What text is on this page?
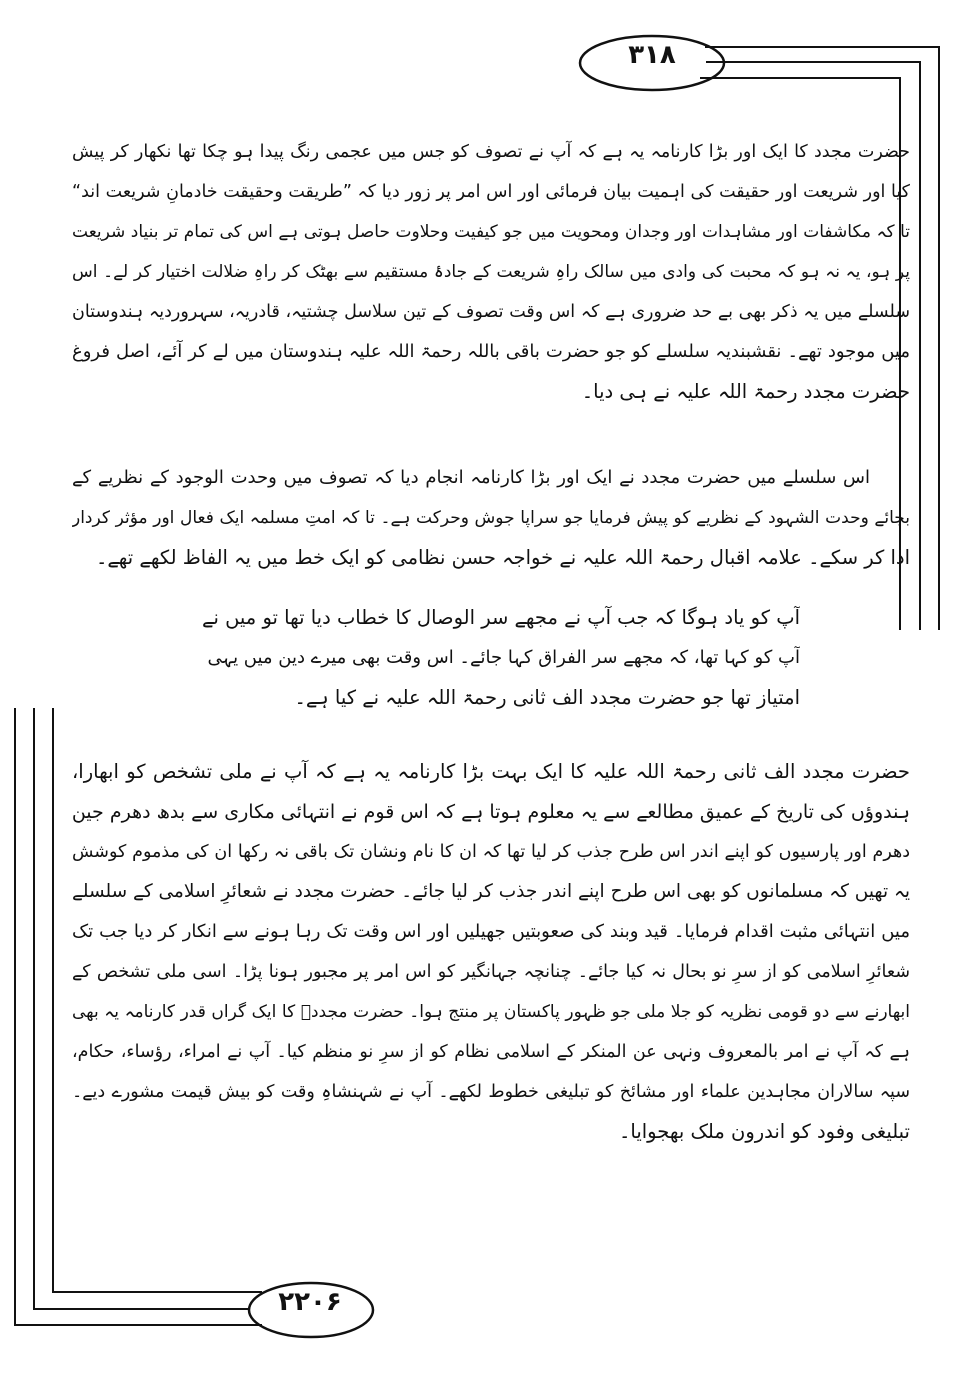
۳۱۸
۲۲۰۶
حضرت مجدد کا ایک اور بڑا کارنامہ یہ ہے کہ آپ نے تصوف کو جس میں عجمی رنگ پیدا ہو چکا تھا نکھار کر پیش
کیا اور شریعت اور حقیقت کی اہمیت بیان فرمائی اور اس امر پر زور دیا کہ ”طریقت وحقیقت خادمانِ شریعت اند“
تا کہ مکاشفات اور مشاہدات اور وجدان ومحویت میں جو کیفیت وحلاوت حاصل ہوتی ہے اس کی تمام تر بنیاد شریعت
پر ہو، یہ نہ ہو کہ محبت کی وادی میں سالک راہِ شریعت کے جادۂ مستقیم سے بھٹک کر راہِ ضلالت اختیار کر لے۔ اس
سلسلے میں یہ ذکر بھی بے حد ضروری ہے کہ اس وقت تصوف کے تین سلاسل چشتیہ، قادریہ، سہروردیہ ہندوستان
میں موجود تھے۔ نقشبندیہ سلسلے کو جو حضرت باقی باللہ رحمۃ اللہ علیہ ہندوستان میں لے کر آئے، اصل فروغ
حضرت مجدد رحمۃ اللہ علیہ نے ہی دیا۔
اس سلسلے میں حضرت مجدد نے ایک اور بڑا کارنامہ انجام دیا کہ تصوف میں وحدت الوجود کے نظریے کے
بجائے وحدت الشہود کے نظریے کو پیش فرمایا جو سراپا جوش وحرکت ہے۔ تا کہ امتِ مسلمہ ایک فعال اور مؤثر کردار
ادا کر سکے۔ علامہ اقبال رحمۃ اللہ علیہ نے خواجہ حسن نظامی کو ایک خط میں یہ الفاظ لکھے تھے۔
آپ کو یاد ہوگا کہ جب آپ نے مجھے سر الوصال کا خطاب دیا تھا تو میں نے
آپ کو کہا تھا، کہ مجھے سر الفراق کہا جائے۔ اس وقت بھی میرے دین میں یہی
امتیاز تھا جو حضرت مجدد الف ثانی رحمۃ اللہ علیہ نے کیا ہے۔
حضرت مجدد الف ثانی رحمۃ اللہ علیہ کا ایک بہت بڑا کارنامہ یہ ہے کہ آپ نے ملی تشخص کو ابھارا،
ہندوؤں کی تاریخ کے عمیق مطالعے سے یہ معلوم ہوتا ہے کہ اس قوم نے انتہائی مکاری سے بدھ دھرم جین
دھرم اور پارسیوں کو اپنے اندر اس طرح جذب کر لیا تھا کہ ان کا نام ونشان تک باقی نہ رکھا ان کی مذموم کوشش
یہ تھیں کہ مسلمانوں کو بھی اس طرح اپنے اندر جذب کر لیا جائے۔ حضرت مجدد نے شعائرِ اسلامی کے سلسلے
میں انتہائی مثبت اقدام فرمایا۔ قید وبند کی صعوبتیں جھیلیں اور اس وقت تک رہا ہونے سے انکار کر دیا جب تک
شعائرِ اسلامی کو از سرِ نو بحال نہ کیا جائے۔ چنانچہ جہانگیر کو اس امر پر مجبور ہونا پڑا۔ اسی ملی تشخص کے
ابھارنے سے دو قومی نظریہ کو جلا ملی جو ظہور پاکستان پر منتج ہوا۔ حضرت مجددؒ کا ایک گراں قدر کارنامہ یہ بھی
ہے کہ آپ نے امر بالمعروف ونہی عن المنکر کے اسلامی نظام کو از سرِ نو منظم کیا۔ آپ نے امراء، رؤساء، حکام،
سپہ سالاران مجاہدین علماء اور مشائخ کو تبلیغی خطوط لکھے۔ آپ نے شہنشاہِ وقت کو بیش قیمت مشورے دیے۔
تبلیغی وفود کو اندرون ملک بھجوایا۔
